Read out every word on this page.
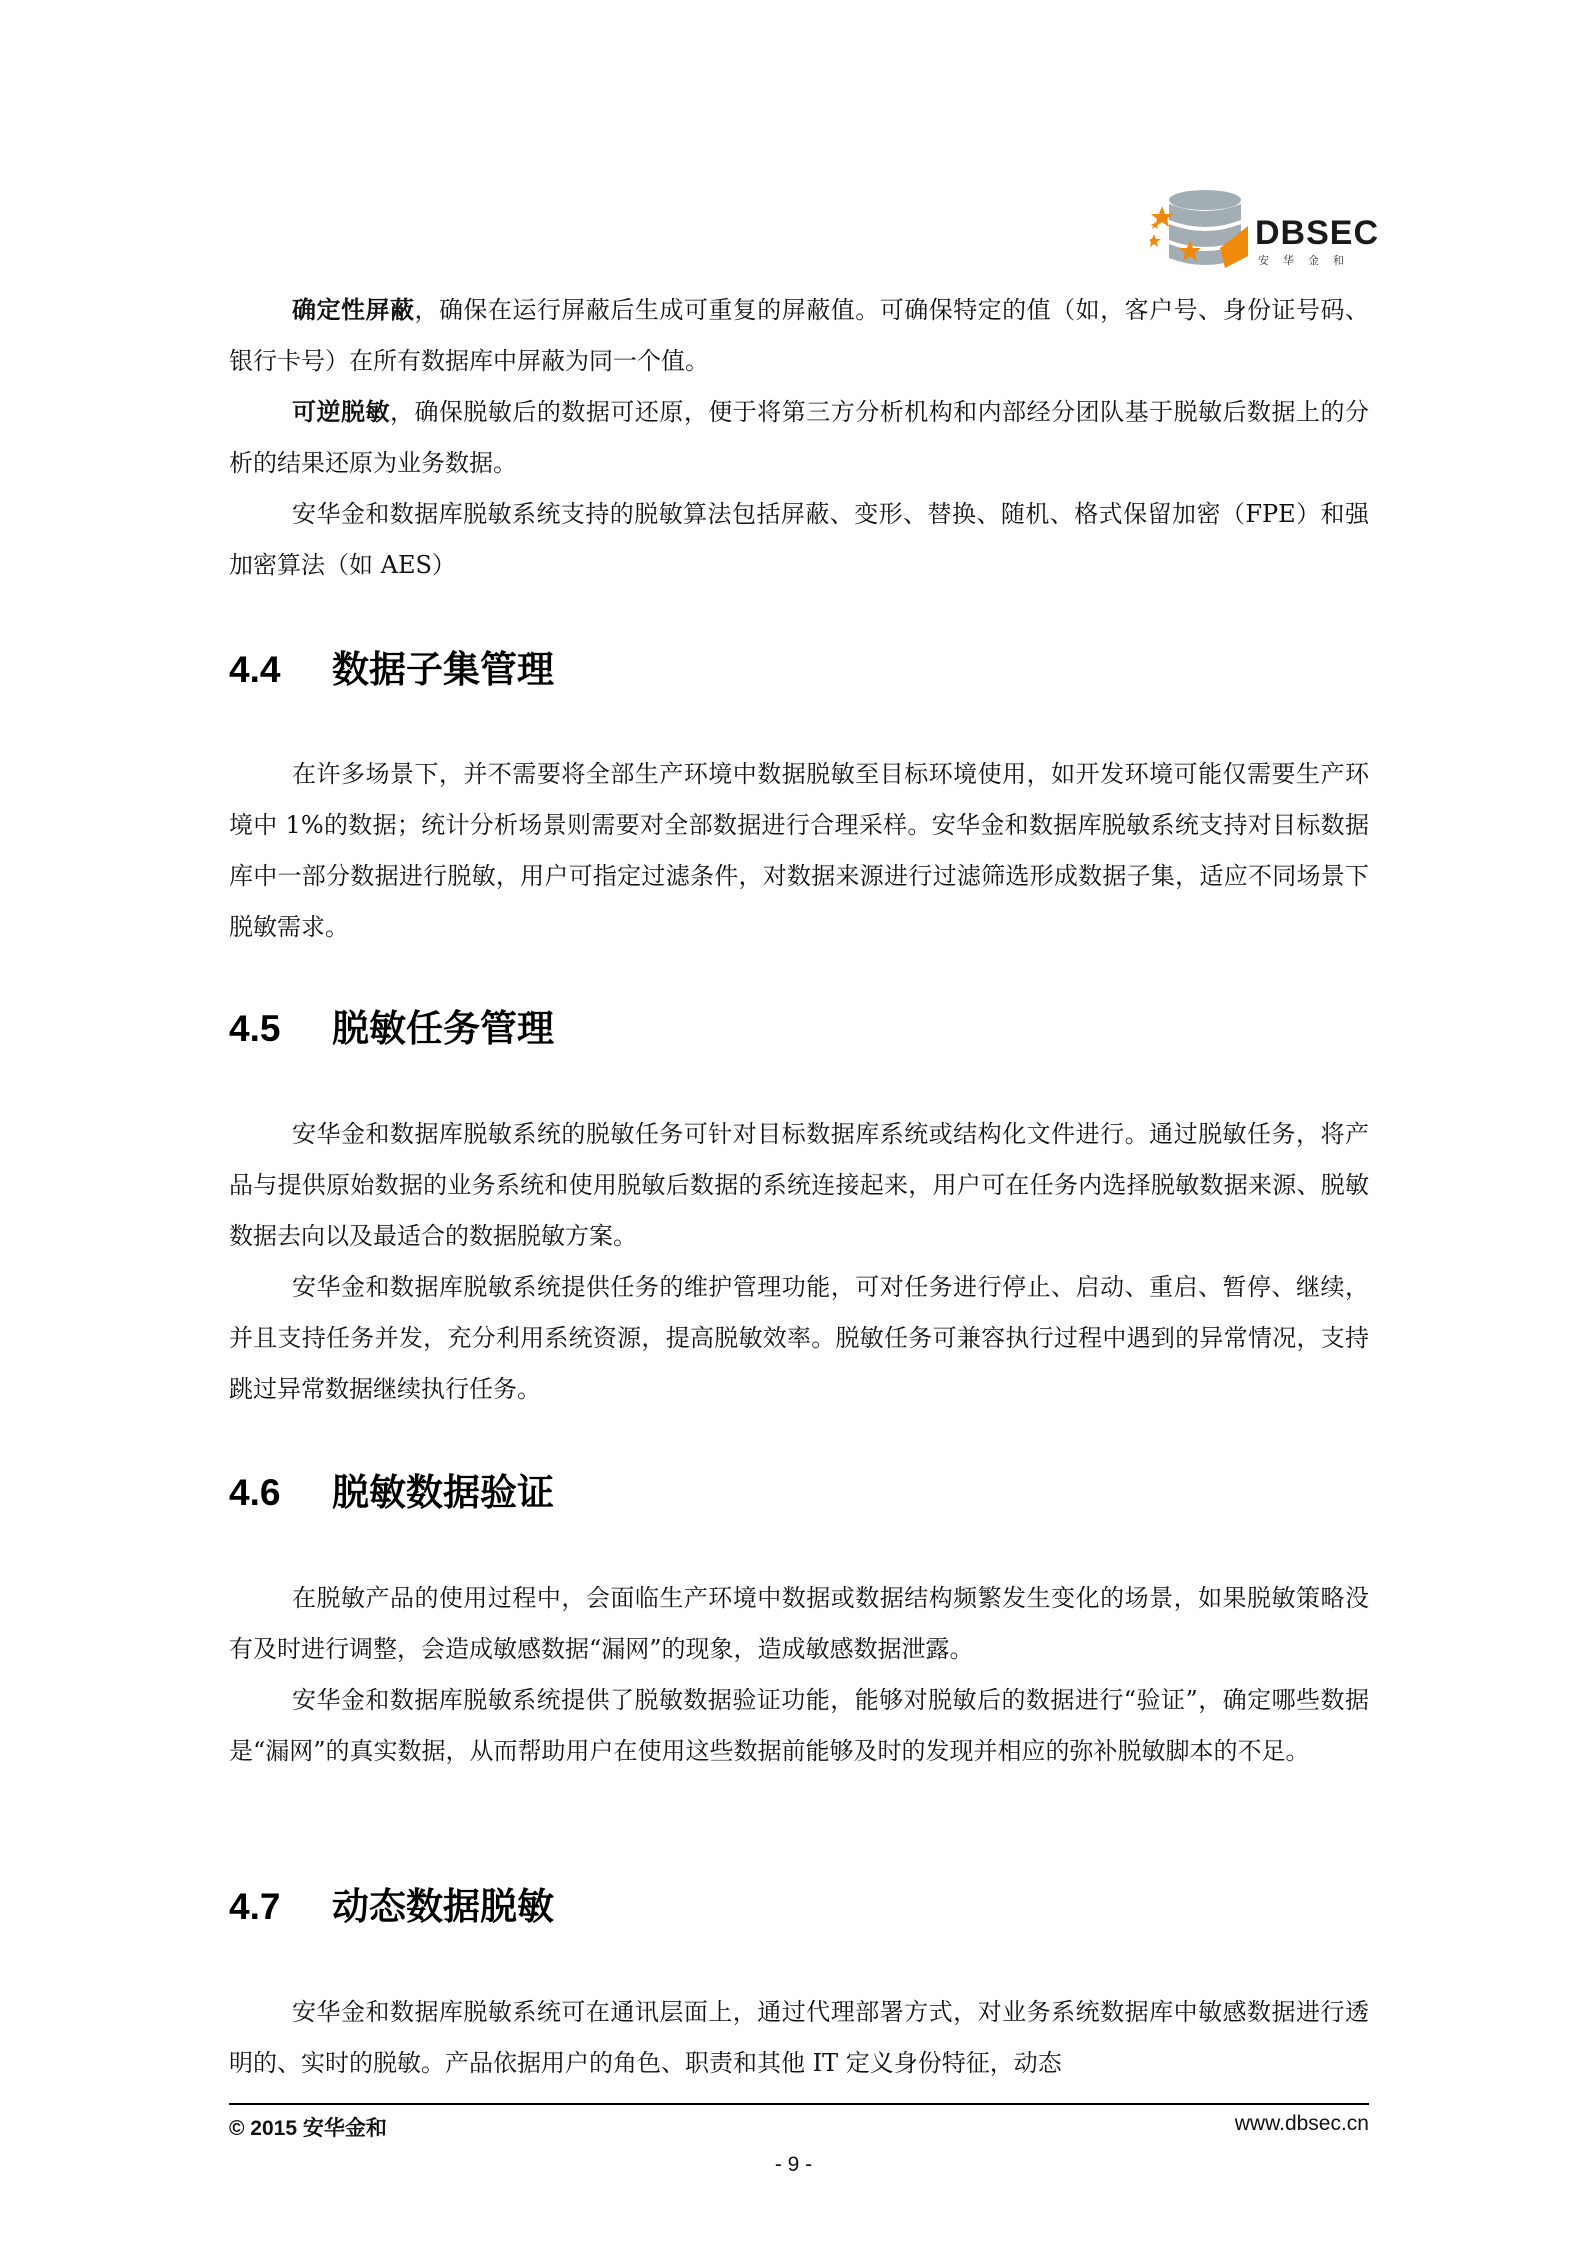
DBSEC
安华金和

确定性屏蔽，确保在运行屏蔽后生成可重复的屏蔽值。可确保特定的值（如，客户号、身份证号码、银行卡号）在所有数据库中屏蔽为同一个值。

可逆脱敏，确保脱敏后的数据可还原，便于将第三方分析机构和内部经分团队基于脱敏后数据上的分析的结果还原为业务数据。

安华金和数据库脱敏系统支持的脱敏算法包括屏蔽、变形、替换、随机、格式保留加密（FPE）和强加密算法（如 AES）

4.4 数据子集管理

在许多场景下，并不需要将全部生产环境中数据脱敏至目标环境使用，如开发环境可能仅需要生产环境中 1%的数据；统计分析场景则需要对全部数据进行合理采样。安华金和数据库脱敏系统支持对目标数据库中一部分数据进行脱敏，用户可指定过滤条件，对数据来源进行过滤筛选形成数据子集，适应不同场景下脱敏需求。

4.5 脱敏任务管理

安华金和数据库脱敏系统的脱敏任务可针对目标数据库系统或结构化文件进行。通过脱敏任务，将产品与提供原始数据的业务系统和使用脱敏后数据的系统连接起来，用户可在任务内选择脱敏数据来源、脱敏数据去向以及最适合的数据脱敏方案。

安华金和数据库脱敏系统提供任务的维护管理功能，可对任务进行停止、启动、重启、暂停、继续，并且支持任务并发，充分利用系统资源，提高脱敏效率。脱敏任务可兼容执行过程中遇到的异常情况，支持跳过异常数据继续执行任务。

4.6 脱敏数据验证

在脱敏产品的使用过程中，会面临生产环境中数据或数据结构频繁发生变化的场景，如果脱敏策略没有及时进行调整，会造成敏感数据“漏网”的现象，造成敏感数据泄露。

安华金和数据库脱敏系统提供了脱敏数据验证功能，能够对脱敏后的数据进行“验证”，确定哪些数据是“漏网”的真实数据，从而帮助用户在使用这些数据前能够及时的发现并相应的弥补脱敏脚本的不足。

4.7 动态数据脱敏

安华金和数据库脱敏系统可在通讯层面上，通过代理部署方式，对业务系统数据库中敏感数据进行透明的、实时的脱敏。产品依据用户的角色、职责和其他 IT 定义身份特征，动态

© 2015 安华金和	www.dbsec.cn
- 9 -
